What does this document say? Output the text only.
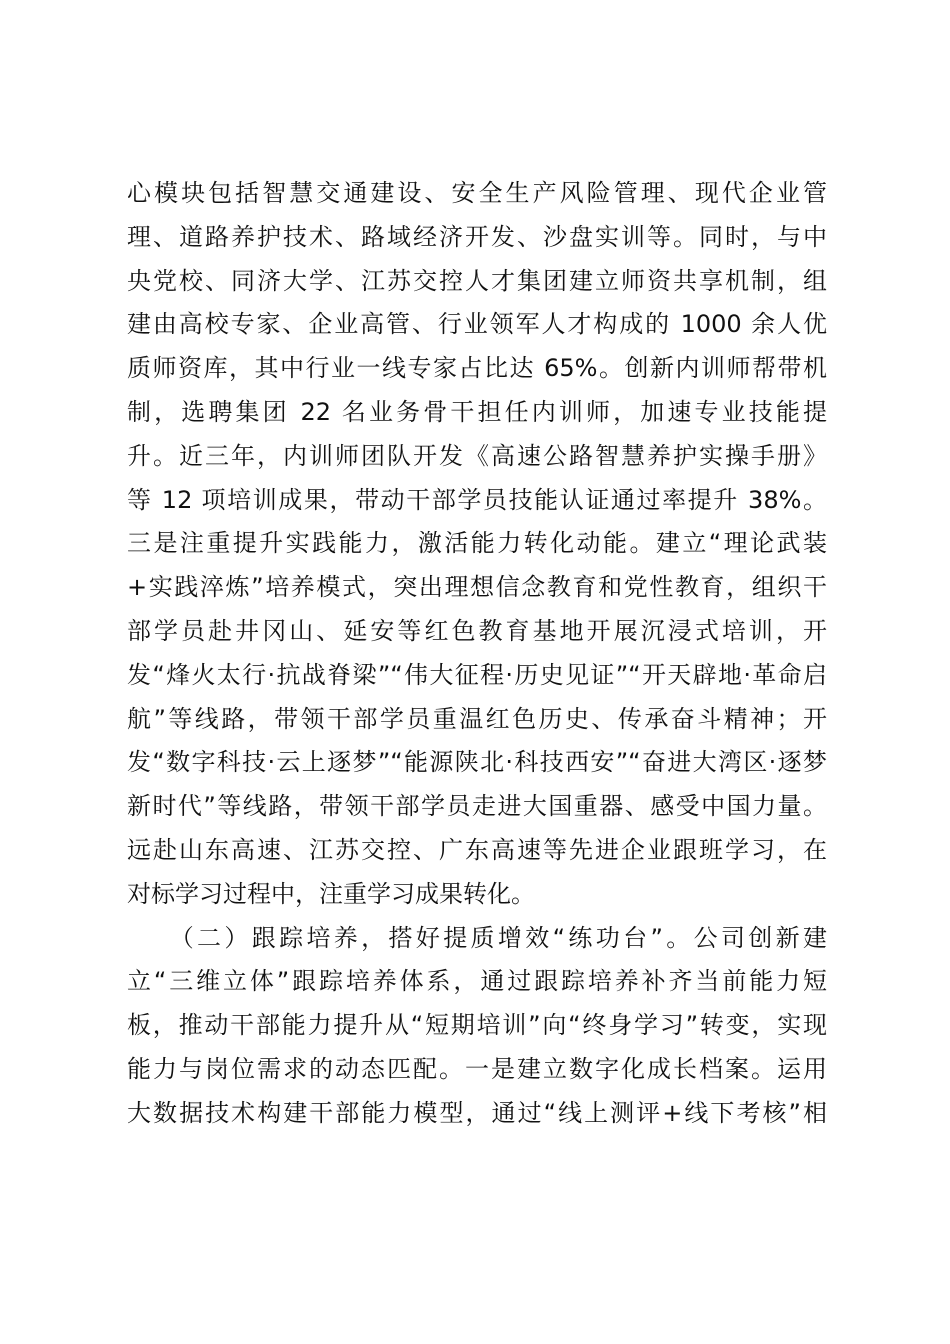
心模块包括智慧交通建设、安全生产风险管理、现代企业管
理、道路养护技术、路域经济开发、沙盘实训等。同时，与中
央党校、同济大学、江苏交控人才集团建立师资共享机制，组
建由高校专家、企业高管、行业领军人才构成的 1000 余人优
质师资库，其中行业一线专家占比达 65%。创新内训师帮带机
制，选聘集团 22 名业务骨干担任内训师，加速专业技能提
升。近三年，内训师团队开发《高速公路智慧养护实操手册》
等 12 项培训成果，带动干部学员技能认证通过率提升 38%。
三是注重提升实践能力，激活能力转化动能。建立“理论武装
+实践淬炼”培养模式，突出理想信念教育和党性教育，组织干
部学员赴井冈山、延安等红色教育基地开展沉浸式培训，开
发“烽火太行·抗战脊梁”“伟大征程·历史见证”“开天辟地·革命启
航”等线路，带领干部学员重温红色历史、传承奋斗精神；开
发“数字科技·云上逐梦”“能源陕北·科技西安”“奋进大湾区·逐梦
新时代”等线路，带领干部学员走进大国重器、感受中国力量。
远赴山东高速、江苏交控、广东高速等先进企业跟班学习，在
对标学习过程中，注重学习成果转化。
　　（二）跟踪培养，搭好提质增效“练功台”。公司创新建
立“三维立体”跟踪培养体系，通过跟踪培养补齐当前能力短
板，推动干部能力提升从“短期培训”向“终身学习”转变，实现
能力与岗位需求的动态匹配。一是建立数字化成长档案。运用
大数据技术构建干部能力模型，通过“线上测评+线下考核”相
